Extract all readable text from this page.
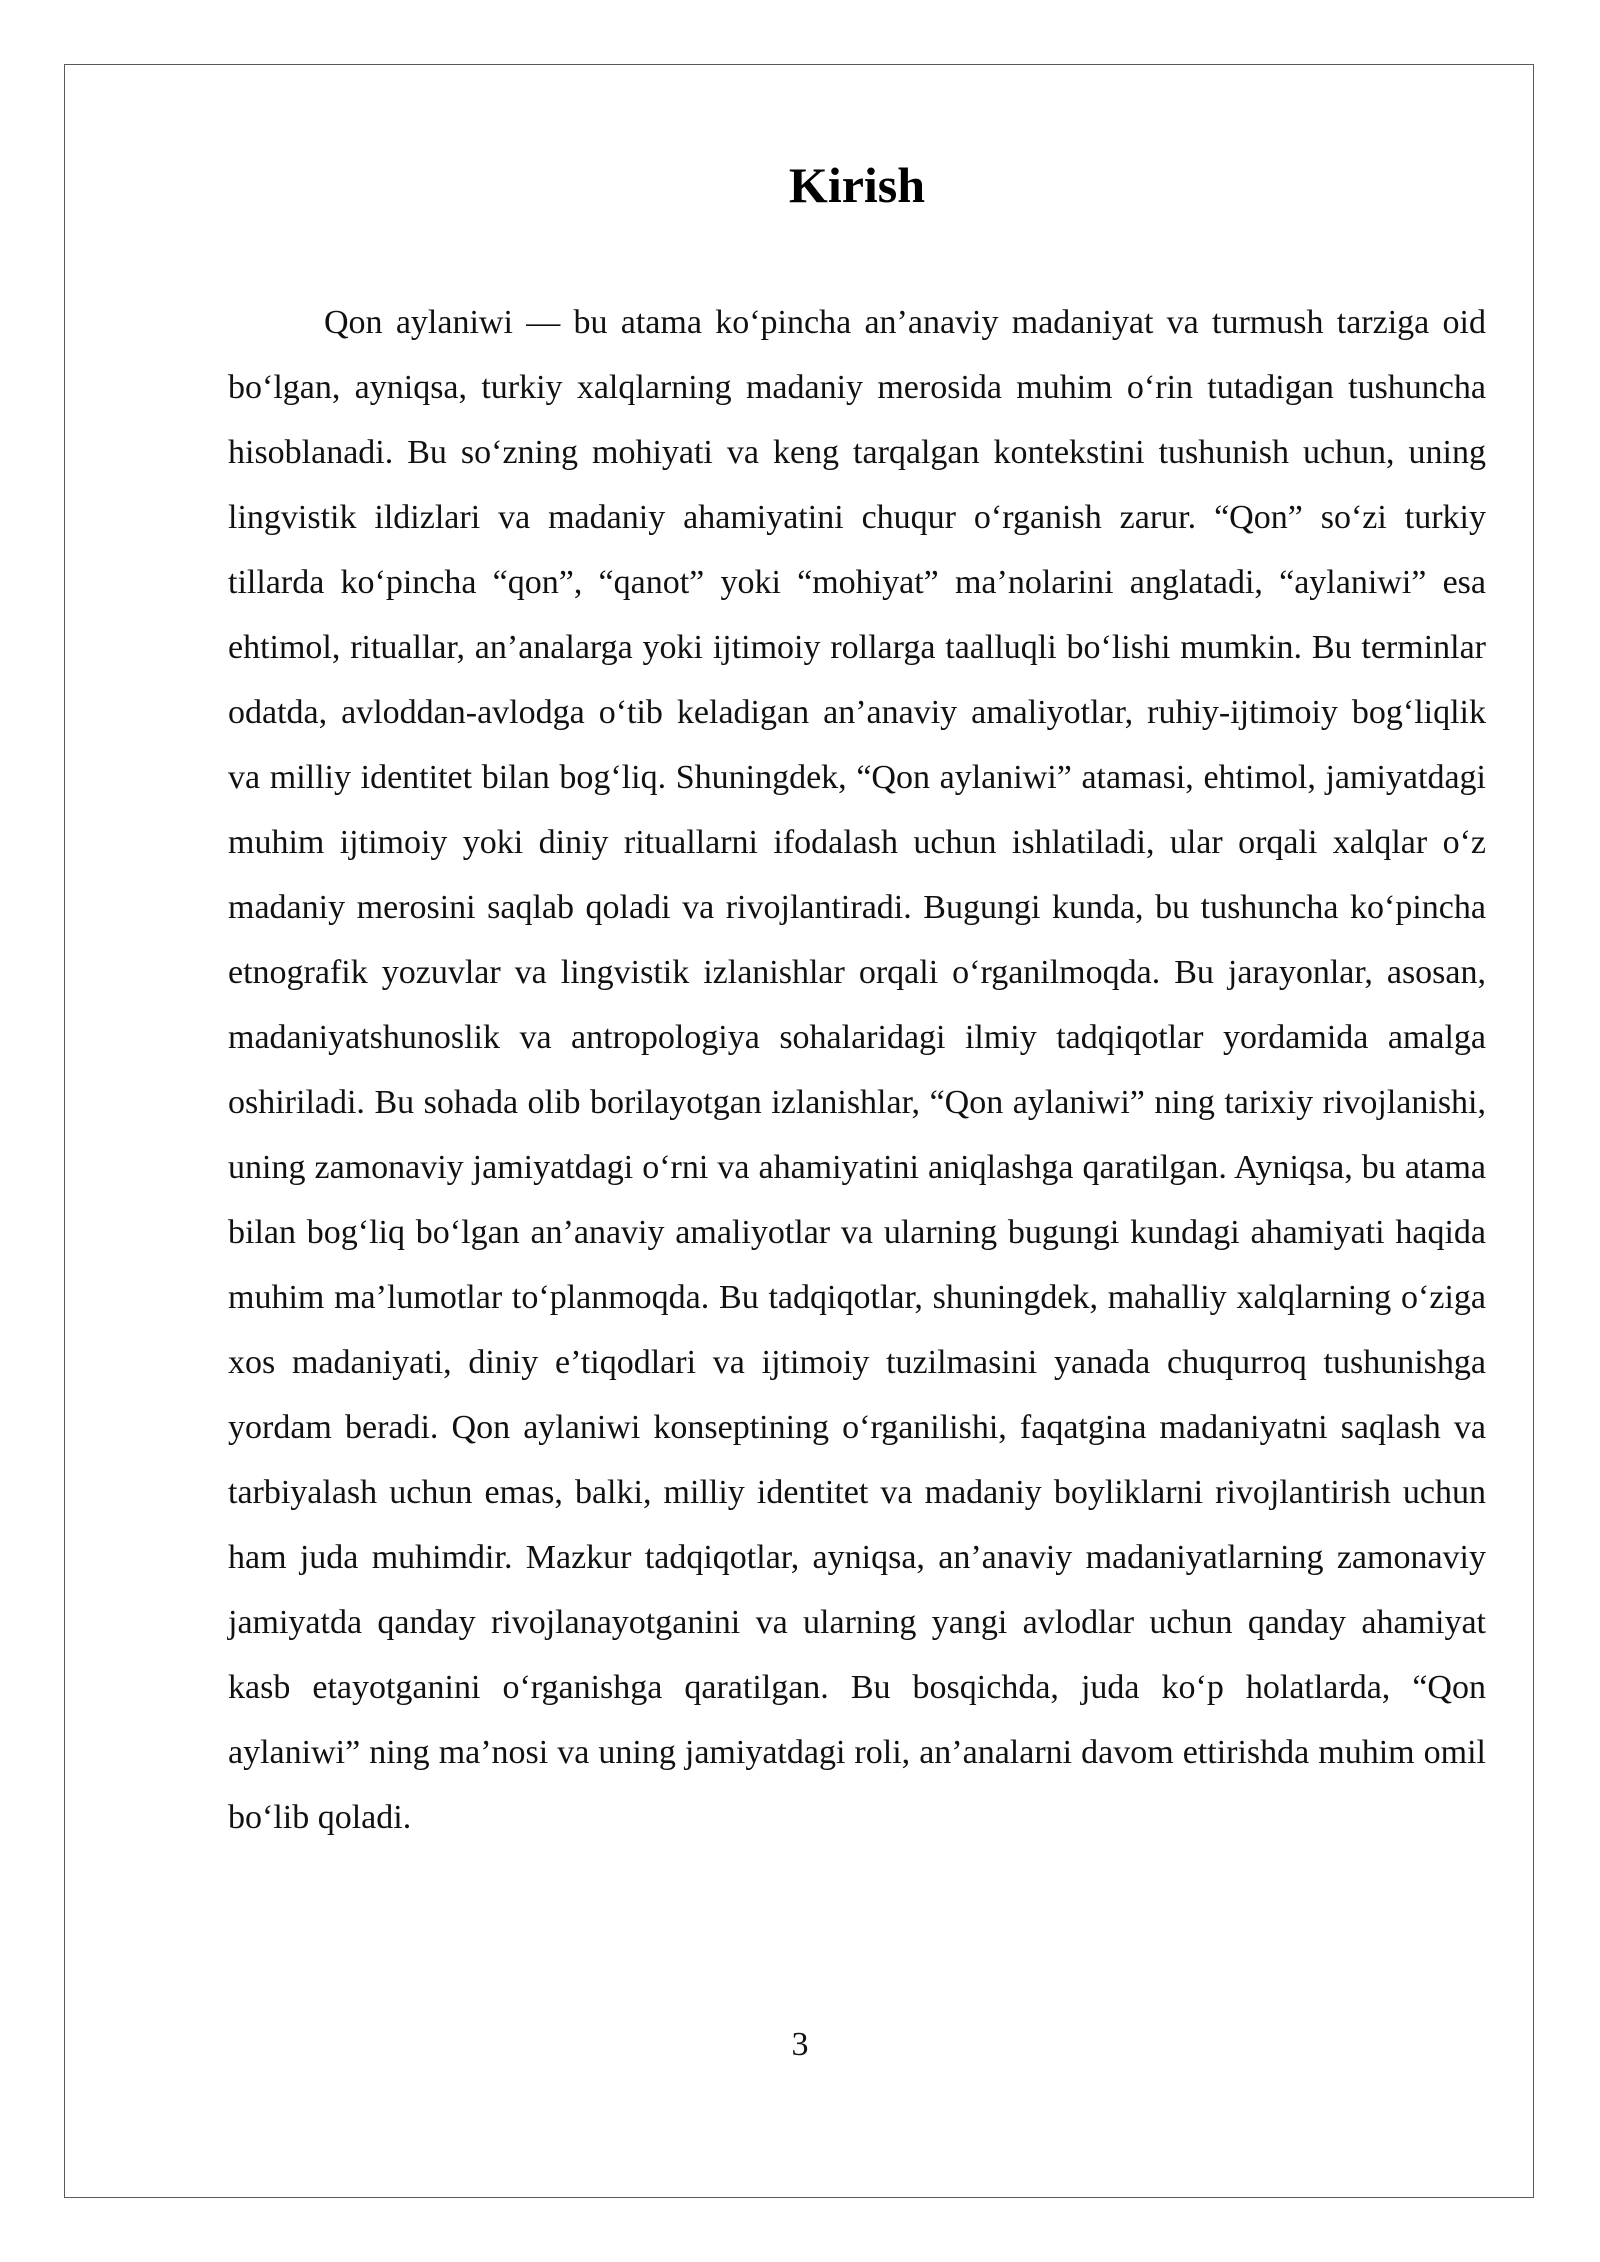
Kirish

Qon aylaniwi — bu atama ko‘pincha an’anaviy madaniyat va turmush tarziga oid bo‘lgan, ayniqsa, turkiy xalqlarning madaniy merosida muhim o‘rin tutadigan tushuncha hisoblanadi. Bu so‘zning mohiyati va keng tarqalgan kontekstini tushunish uchun, uning lingvistik ildizlari va madaniy ahamiyatini chuqur o‘rganish zarur. “Qon” so‘zi turkiy tillarda ko‘pincha “qon”, “qanot” yoki “mohiyat” ma’nolarini anglatadi, “aylaniwi” esa ehtimol, rituallar, an’analarga yoki ijtimoiy rollarga taalluqli bo‘lishi mumkin. Bu terminlar odatda, avloddan-avlodga o‘tib keladigan an’anaviy amaliyotlar, ruhiy-ijtimoiy bog‘liqlik va milliy identitet bilan bog‘liq. Shuningdek, “Qon aylaniwi” atamasi, ehtimol, jamiyatdagi muhim ijtimoiy yoki diniy rituallarni ifodalash uchun ishlatiladi, ular orqali xalqlar o‘z madaniy merosini saqlab qoladi va rivojlantiradi. Bugungi kunda, bu tushuncha ko‘pincha etnografik yozuvlar va lingvistik izlanishlar orqali o‘rganilmoqda. Bu jarayonlar, asosan, madaniyatshunoslik va antropologiya sohalaridagi ilmiy tadqiqotlar yordamida amalga oshiriladi. Bu sohada olib borilayotgan izlanishlar, “Qon aylaniwi” ning tarixiy rivojlanishi, uning zamonaviy jamiyatdagi o‘rni va ahamiyatini aniqlashga qaratilgan. Ayniqsa, bu atama bilan bog‘liq bo‘lgan an’anaviy amaliyotlar va ularning bugungi kundagi ahamiyati haqida muhim ma’lumotlar to‘planmoqda. Bu tadqiqotlar, shuningdek, mahalliy xalqlarning o‘ziga xos madaniyati, diniy e’tiqodlari va ijtimoiy tuzilmasini yanada chuqurroq tushunishga yordam beradi. Qon aylaniwi konseptining o‘rganilishi, faqatgina madaniyatni saqlash va tarbiyalash uchun emas, balki, milliy identitet va madaniy boyliklarni rivojlantirish uchun ham juda muhimdir. Mazkur tadqiqotlar, ayniqsa, an’anaviy madaniyatlarning zamonaviy jamiyatda qanday rivojlanayotganini va ularning yangi avlodlar uchun qanday ahamiyat kasb etayotganini o‘rganishga qaratilgan. Bu bosqichda, juda ko‘p holatlarda, “Qon aylaniwi” ning ma’nosi va uning jamiyatdagi roli, an’analarni davom ettirishda muhim omil bo‘lib qoladi.

3
